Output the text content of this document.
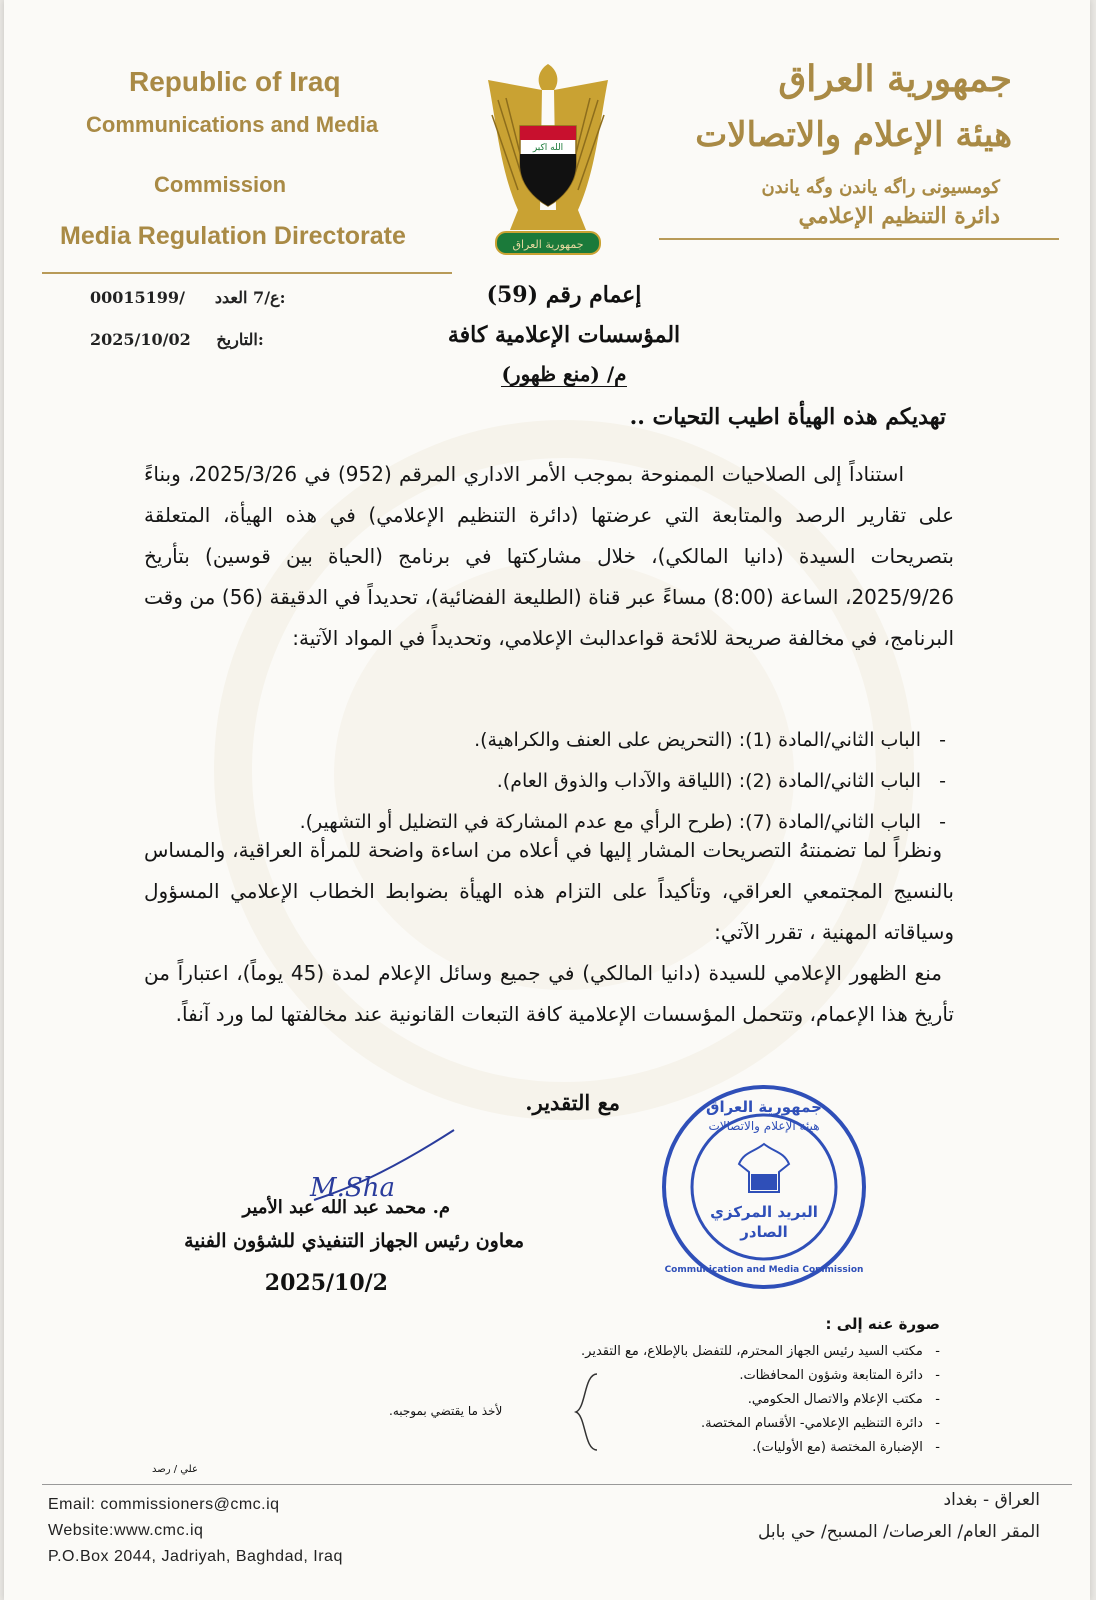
Republic of Iraq
Communications and Media
Commission
Media Regulation Directorate
الله اكبر
جمهورية العراق
جمهورية العراق
هيئة الإعلام والاتصالات
كومسيونى راگه ياندن وگه ياندن
دائرة التنظيم الإعلامي
00015199/ع/7 العدد:
2025/10/02 التاريخ:
إعمام رقم (59)
المؤسسات الإعلامية كافة
م/ (منع ظهور)
تهديكم هذه الهيأة اطيب التحيات ..
استناداً إلى الصلاحيات الممنوحة بموجب الأمر الاداري المرقم (952) في 2025/3/26، وبناءً على تقارير الرصد والمتابعة التي عرضتها (دائرة التنظيم الإعلامي) في هذه الهيأة، المتعلقة بتصريحات السيدة (دانيا المالكي)، خلال مشاركتها في برنامج (الحياة بين قوسين) بتأريخ 2025/9/26، الساعة (8:00) مساءً عبر قناة (الطليعة الفضائية)، تحديداً في الدقيقة (56) من وقت البرنامج، في مخالفة صريحة للائحة قواعدالبث الإعلامي، وتحديداً في المواد الآتية:
- الباب الثاني/المادة (1): (التحريض على العنف والكراهية).
- الباب الثاني/المادة (2): (اللياقة والآداب والذوق العام).
- الباب الثاني/المادة (7): (طرح الرأي مع عدم المشاركة في التضليل أو التشهير).
ونظراً لما تضمنتهُ التصريحات المشار إليها في أعلاه من اساءة واضحة للمرأة العراقية، والمساس بالنسيج المجتمعي العراقي، وتأكيداً على التزام هذه الهيأة بضوابط الخطاب الإعلامي المسؤول وسياقاته المهنية ، تقرر الآتي:
منع الظهور الإعلامي للسيدة (دانيا المالكي) في جميع وسائل الإعلام لمدة (45 يوماً)، اعتباراً من تأريخ هذا الإعمام، وتتحمل المؤسسات الإعلامية كافة التبعات القانونية عند مخالفتها لما ورد آنفاً.
مع التقدير.
M.Sha
م. محمد عبد الله عبد الأمير
معاون رئيس الجهاز التنفيذي للشؤون الفنية
2025/10/2
جمهورية العراق
هيئة الإعلام والاتصالات
البريد المركزي
الصادر
Communication and Media Commission
صورة عنه إلى :
- مكتب السيد رئيس الجهاز المحترم، للتفضل بالإطلاع، مع التقدير.
- دائرة المتابعة وشؤون المحافظات.
- مكتب الإعلام والاتصال الحكومي.
- دائرة التنظيم الإعلامي- الأقسام المختصة.
- الإضبارة المختصة (مع الأوليات).
لأخذ ما يقتضي بموجبه.
علي / رصد
Email: commissioners@cmc.iq
Website:www.cmc.iq
P.O.Box 2044, Jadriyah, Baghdad, Iraq
العراق - بغداد
المقر العام/ العرصات/ المسبح/ حي بابل
